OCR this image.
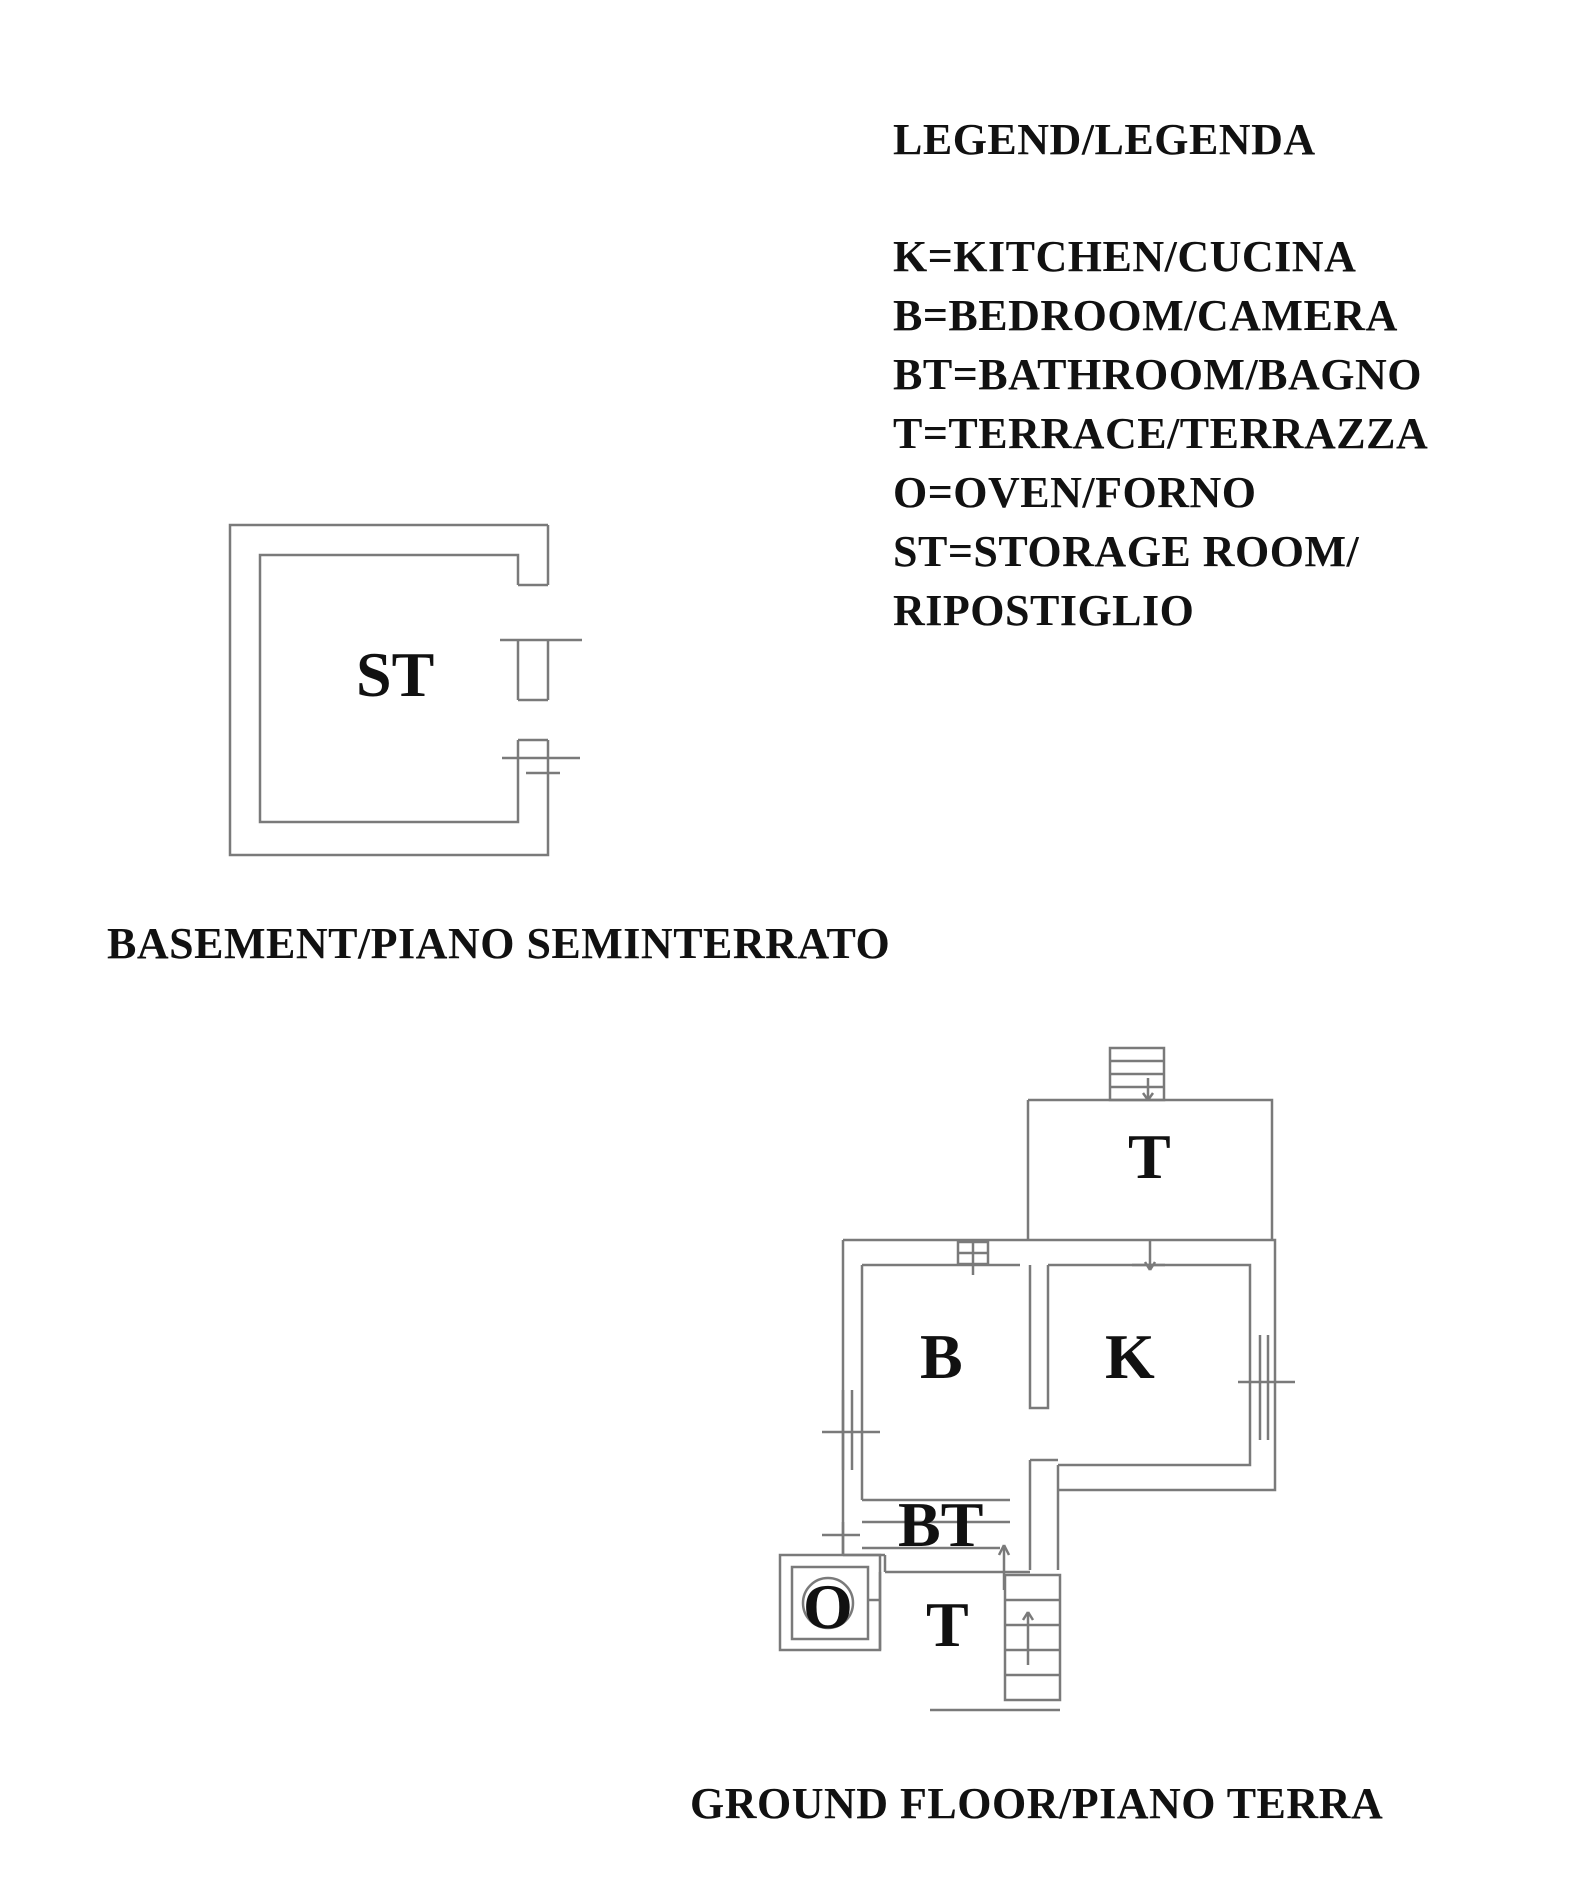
LEGEND/LEGENDA
K=KITCHEN/CUCINA
B=BEDROOM/CAMERA
BT=BATHROOM/BAGNO
T=TERRACE/TERRAZZA
O=OVEN/FORNO
ST=STORAGE ROOM/
RIPOSTIGLIO
ST
BASEMENT/PIANO SEMINTERRATO
T
B K
BT
O T
GROUND FLOOR/PIANO TERRA
